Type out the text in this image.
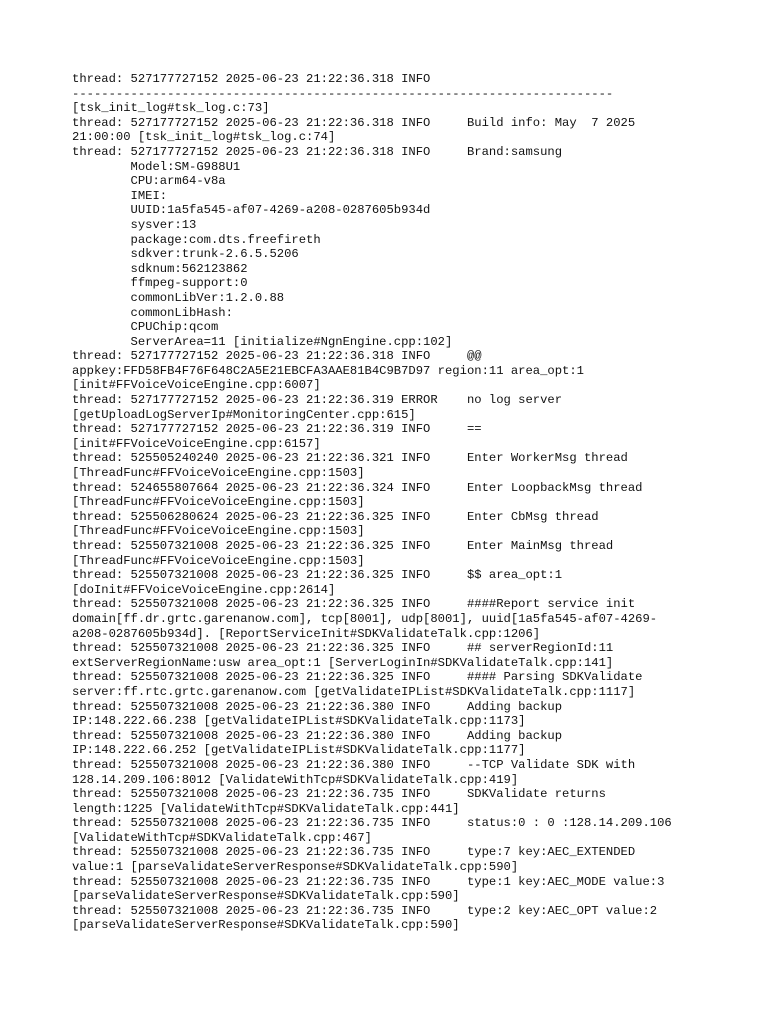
thread: 527177727152 2025-06-23 21:22:36.318 INFO
--------------------------------------------------------------------------
[tsk_init_log#tsk_log.c:73]
thread: 527177727152 2025-06-23 21:22:36.318 INFO     Build info: May  7 2025
21:00:00 [tsk_init_log#tsk_log.c:74]
thread: 527177727152 2025-06-23 21:22:36.318 INFO     Brand:samsung
Model:SM-G988U1
CPU:arm64-v8a
IMEI:
UUID:1a5fa545-af07-4269-a208-0287605b934d
sysver:13
package:com.dts.freefireth
sdkver:trunk-2.6.5.5206
sdknum:562123862
ffmpeg-support:0
commonLibVer:1.2.0.88
commonLibHash:
CPUChip:qcom
ServerArea=11 [initialize#NgnEngine.cpp:102]
thread: 527177727152 2025-06-23 21:22:36.318 INFO     @@
appkey:FFD58FB4F76F648C2A5E21EBCFA3AAE81B4C9B7D97 region:11 area_opt:1
[init#FFVoiceVoiceEngine.cpp:6007]
thread: 527177727152 2025-06-23 21:22:36.319 ERROR    no log server
[getUploadLogServerIp#MonitoringCenter.cpp:615]
thread: 527177727152 2025-06-23 21:22:36.319 INFO     ==
[init#FFVoiceVoiceEngine.cpp:6157]
thread: 525505240240 2025-06-23 21:22:36.321 INFO     Enter WorkerMsg thread
[ThreadFunc#FFVoiceVoiceEngine.cpp:1503]
thread: 524655807664 2025-06-23 21:22:36.324 INFO     Enter LoopbackMsg thread
[ThreadFunc#FFVoiceVoiceEngine.cpp:1503]
thread: 525506280624 2025-06-23 21:22:36.325 INFO     Enter CbMsg thread
[ThreadFunc#FFVoiceVoiceEngine.cpp:1503]
thread: 525507321008 2025-06-23 21:22:36.325 INFO     Enter MainMsg thread
[ThreadFunc#FFVoiceVoiceEngine.cpp:1503]
thread: 525507321008 2025-06-23 21:22:36.325 INFO     $$ area_opt:1
[doInit#FFVoiceVoiceEngine.cpp:2614]
thread: 525507321008 2025-06-23 21:22:36.325 INFO     ####Report service init
domain[ff.dr.grtc.garenanow.com], tcp[8001], udp[8001], uuid[1a5fa545-af07-4269-
a208-0287605b934d]. [ReportServiceInit#SDKValidateTalk.cpp:1206]
thread: 525507321008 2025-06-23 21:22:36.325 INFO     ## serverRegionId:11
extServerRegionName:usw area_opt:1 [ServerLoginIn#SDKValidateTalk.cpp:141]
thread: 525507321008 2025-06-23 21:22:36.325 INFO     #### Parsing SDKValidate
server:ff.rtc.grtc.garenanow.com [getValidateIPList#SDKValidateTalk.cpp:1117]
thread: 525507321008 2025-06-23 21:22:36.380 INFO     Adding backup
IP:148.222.66.238 [getValidateIPList#SDKValidateTalk.cpp:1173]
thread: 525507321008 2025-06-23 21:22:36.380 INFO     Adding backup
IP:148.222.66.252 [getValidateIPList#SDKValidateTalk.cpp:1177]
thread: 525507321008 2025-06-23 21:22:36.380 INFO     --TCP Validate SDK with
128.14.209.106:8012 [ValidateWithTcp#SDKValidateTalk.cpp:419]
thread: 525507321008 2025-06-23 21:22:36.735 INFO     SDKValidate returns
length:1225 [ValidateWithTcp#SDKValidateTalk.cpp:441]
thread: 525507321008 2025-06-23 21:22:36.735 INFO     status:0 : 0 :128.14.209.106
[ValidateWithTcp#SDKValidateTalk.cpp:467]
thread: 525507321008 2025-06-23 21:22:36.735 INFO     type:7 key:AEC_EXTENDED
value:1 [parseValidateServerResponse#SDKValidateTalk.cpp:590]
thread: 525507321008 2025-06-23 21:22:36.735 INFO     type:1 key:AEC_MODE value:3
[parseValidateServerResponse#SDKValidateTalk.cpp:590]
thread: 525507321008 2025-06-23 21:22:36.735 INFO     type:2 key:AEC_OPT value:2
[parseValidateServerResponse#SDKValidateTalk.cpp:590]
